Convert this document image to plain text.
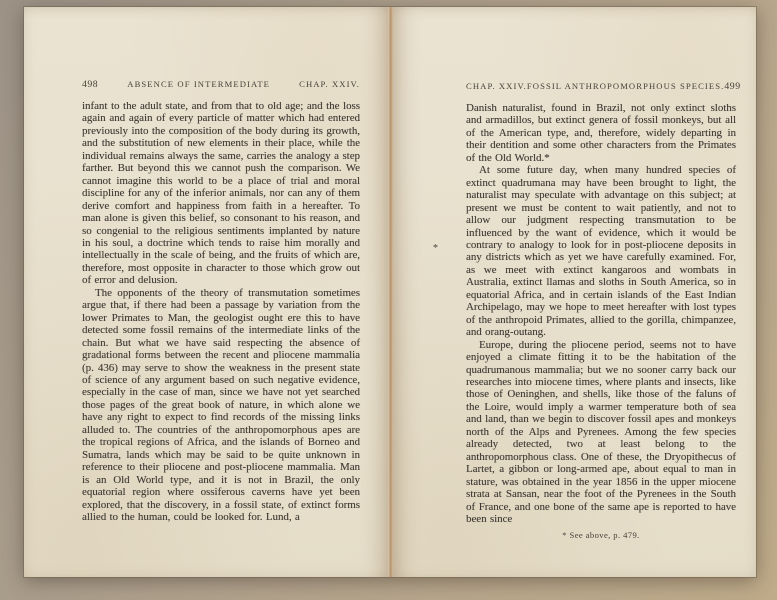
498	ABSENCE OF INTERMEDIATE	CHAP. XXIV.

infant to the adult state, and from that to old age; and the loss again and again of every particle of matter which had entered previously into the composition of the body during its growth, and the substitution of new elements in their place, while the individual remains always the same, carries the analogy a step farther. But beyond this we cannot push the comparison. We cannot imagine this world to be a place of trial and moral discipline for any of the inferior animals, nor can any of them derive comfort and happiness from faith in a hereafter. To man alone is given this belief, so consonant to his reason, and so congenial to the religious sentiments implanted by nature in his soul, a doctrine which tends to raise him morally and intellectually in the scale of being, and the fruits of which are, therefore, most opposite in character to those which grow out of error and delusion.

The opponents of the theory of transmutation sometimes argue that, if there had been a passage by variation from the lower Primates to Man, the geologist ought ere this to have detected some fossil remains of the intermediate links of the chain. But what we have said respecting the absence of gradational forms between the recent and pliocene mammalia (p. 436) may serve to show the weakness in the present state of science of any argument based on such negative evidence, especially in the case of man, since we have not yet searched those pages of the great book of nature, in which alone we have any right to expect to find records of the missing links alluded to. The countries of the anthropomorphous apes are the tropical regions of Africa, and the islands of Borneo and Sumatra, lands which may be said to be quite unknown in reference to their pliocene and post-pliocene mammalia. Man is an Old World type, and it is not in Brazil, the only equatorial region where ossiferous caverns have yet been explored, that the discovery, in a fossil state, of extinct forms allied to the human, could be looked for. Lund, a

CHAP. XXIV. FOSSIL ANTHROPOMORPHOUS SPECIES. 499

Danish naturalist, found in Brazil, not only extinct sloths and armadillos, but extinct genera of fossil monkeys, but all of the American type, and, therefore, widely departing in their dentition and some other characters from the Primates of the Old World.*

At some future day, when many hundred species of extinct quadrumana may have been brought to light, the naturalist may speculate with advantage on this subject; at present we must be content to wait patiently, and not to allow our judgment respecting transmutation to be influenced by the want of evidence, which it would be contrary to analogy to look for in post-pliocene deposits in any districts which as yet we have carefully examined. For, as we meet with extinct kangaroos and wombats in Australia, extinct llamas and sloths in South America, so in equatorial Africa, and in certain islands of the East Indian Archipelago, may we hope to meet hereafter with lost types of the anthropoid Primates, allied to the gorilla, chimpanzee, and orang-outang.

Europe, during the pliocene period, seems not to have enjoyed a climate fitting it to be the habitation of the quadrumanous mammalia; but we no sooner carry back our researches into miocene times, where plants and insects, like those of Oeninghen, and shells, like those of the faluns of the Loire, would imply a warmer temperature both of sea and land, than we begin to discover fossil apes and monkeys north of the Alps and Pyrenees. Among the few species already detected, two at least belong to the anthropomorphous class. One of these, the Dryopithecus of Lartet, a gibbon or long-armed ape, about equal to man in stature, was obtained in the year 1856 in the upper miocene strata at Sansan, near the foot of the Pyrenees in the South of France, and one bone of the same ape is reported to have been since

*
* See above, p. 479.
